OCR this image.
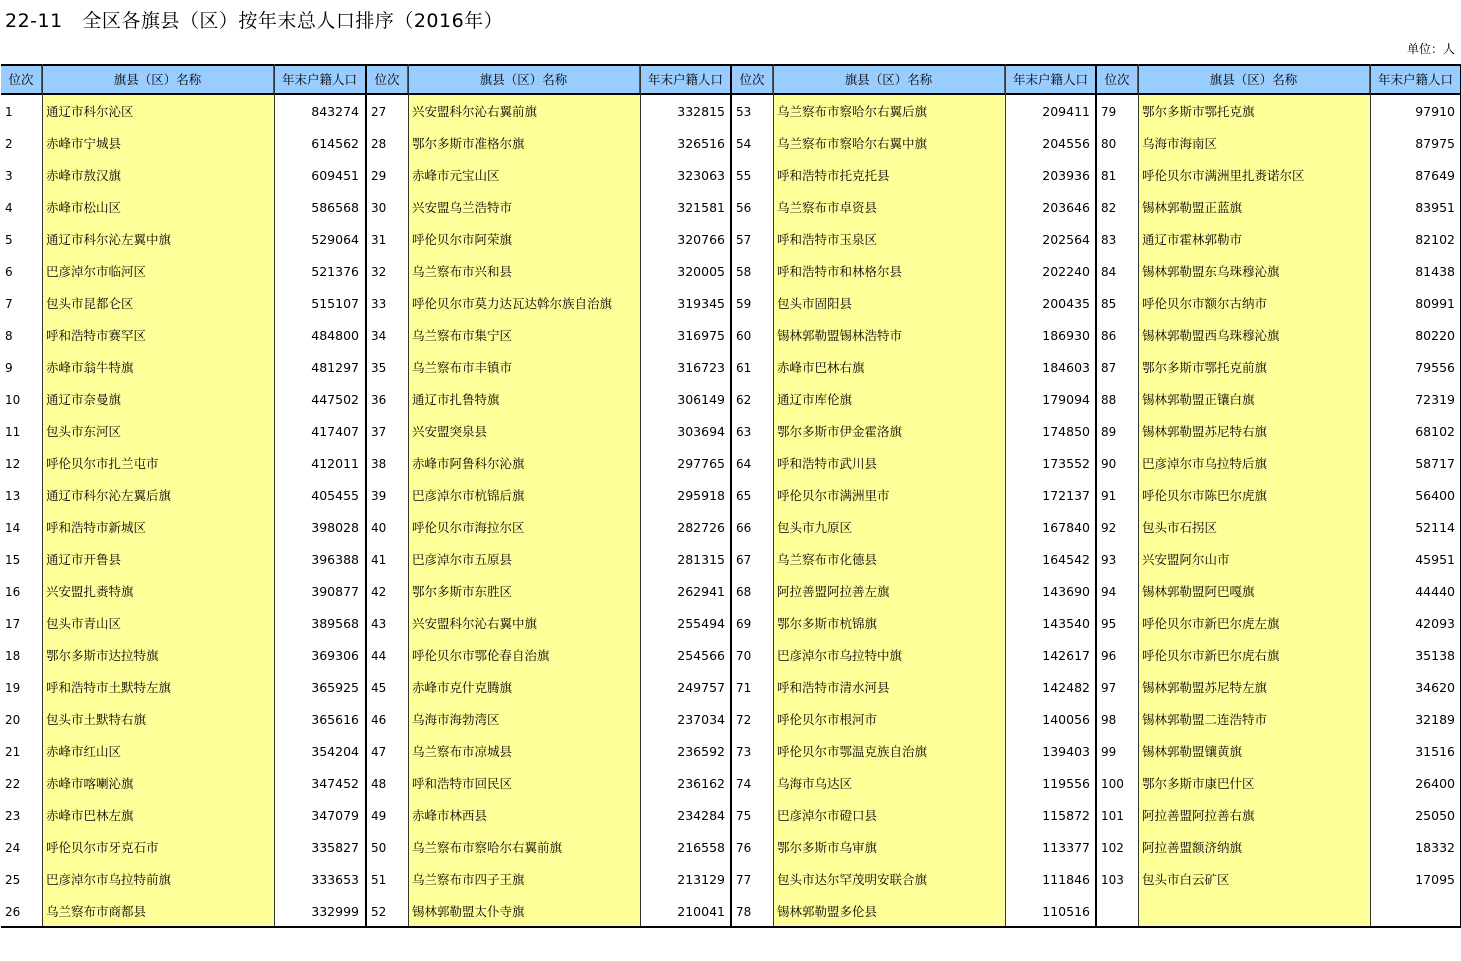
22-11   全区各旗县（区）按年末总人口排序（2016年）
单位：人
位次	旗县（区）名称	年末户籍人口
1	通辽市科尔沁区	843274
2	赤峰市宁城县	614562
3	赤峰市敖汉旗	609451
4	赤峰市松山区	586568
5	通辽市科尔沁左翼中旗	529064
6	巴彦淖尔市临河区	521376
7	包头市昆都仑区	515107
8	呼和浩特市赛罕区	484800
9	赤峰市翁牛特旗	481297
10	通辽市奈曼旗	447502
11	包头市东河区	417407
12	呼伦贝尔市扎兰屯市	412011
13	通辽市科尔沁左翼后旗	405455
14	呼和浩特市新城区	398028
15	通辽市开鲁县	396388
16	兴安盟扎赉特旗	390877
17	包头市青山区	389568
18	鄂尔多斯市达拉特旗	369306
19	呼和浩特市土默特左旗	365925
20	包头市土默特右旗	365616
21	赤峰市红山区	354204
22	赤峰市喀喇沁旗	347452
23	赤峰市巴林左旗	347079
24	呼伦贝尔市牙克石市	335827
25	巴彦淖尔市乌拉特前旗	333653
26	乌兰察布市商都县	332999
位次	旗县（区）名称	年末户籍人口
27	兴安盟科尔沁右翼前旗	332815
28	鄂尔多斯市准格尔旗	326516
29	赤峰市元宝山区	323063
30	兴安盟乌兰浩特市	321581
31	呼伦贝尔市阿荣旗	320766
32	乌兰察布市兴和县	320005
33	呼伦贝尔市莫力达瓦达斡尔族自治旗	319345
34	乌兰察布市集宁区	316975
35	乌兰察布市丰镇市	316723
36	通辽市扎鲁特旗	306149
37	兴安盟突泉县	303694
38	赤峰市阿鲁科尔沁旗	297765
39	巴彦淖尔市杭锦后旗	295918
40	呼伦贝尔市海拉尔区	282726
41	巴彦淖尔市五原县	281315
42	鄂尔多斯市东胜区	262941
43	兴安盟科尔沁右翼中旗	255494
44	呼伦贝尔市鄂伦春自治旗	254566
45	赤峰市克什克腾旗	249757
46	乌海市海勃湾区	237034
47	乌兰察布市凉城县	236592
48	呼和浩特市回民区	236162
49	赤峰市林西县	234284
50	乌兰察布市察哈尔右翼前旗	216558
51	乌兰察布市四子王旗	213129
52	锡林郭勒盟太仆寺旗	210041
位次	旗县（区）名称	年末户籍人口
53	乌兰察布市察哈尔右翼后旗	209411
54	乌兰察布市察哈尔右翼中旗	204556
55	呼和浩特市托克托县	203936
56	乌兰察布市卓资县	203646
57	呼和浩特市玉泉区	202564
58	呼和浩特市和林格尔县	202240
59	包头市固阳县	200435
60	锡林郭勒盟锡林浩特市	186930
61	赤峰市巴林右旗	184603
62	通辽市库伦旗	179094
63	鄂尔多斯市伊金霍洛旗	174850
64	呼和浩特市武川县	173552
65	呼伦贝尔市满洲里市	172137
66	包头市九原区	167840
67	乌兰察布市化德县	164542
68	阿拉善盟阿拉善左旗	143690
69	鄂尔多斯市杭锦旗	143540
70	巴彦淖尔市乌拉特中旗	142617
71	呼和浩特市清水河县	142482
72	呼伦贝尔市根河市	140056
73	呼伦贝尔市鄂温克族自治旗	139403
74	乌海市乌达区	119556
75	巴彦淖尔市磴口县	115872
76	鄂尔多斯市乌审旗	113377
77	包头市达尔罕茂明安联合旗	111846
78	锡林郭勒盟多伦县	110516
位次	旗县（区）名称	年末户籍人口
79	鄂尔多斯市鄂托克旗	97910
80	乌海市海南区	87975
81	呼伦贝尔市满洲里扎赉诺尔区	87649
82	锡林郭勒盟正蓝旗	83951
83	通辽市霍林郭勒市	82102
84	锡林郭勒盟东乌珠穆沁旗	81438
85	呼伦贝尔市额尔古纳市	80991
86	锡林郭勒盟西乌珠穆沁旗	80220
87	鄂尔多斯市鄂托克前旗	79556
88	锡林郭勒盟正镶白旗	72319
89	锡林郭勒盟苏尼特右旗	68102
90	巴彦淖尔市乌拉特后旗	58717
91	呼伦贝尔市陈巴尔虎旗	56400
92	包头市石拐区	52114
93	兴安盟阿尔山市	45951
94	锡林郭勒盟阿巴嘎旗	44440
95	呼伦贝尔市新巴尔虎左旗	42093
96	呼伦贝尔市新巴尔虎右旗	35138
97	锡林郭勒盟苏尼特左旗	34620
98	锡林郭勒盟二连浩特市	32189
99	锡林郭勒盟镶黄旗	31516
100	鄂尔多斯市康巴什区	26400
101	阿拉善盟阿拉善右旗	25050
102	阿拉善盟额济纳旗	18332
103	包头市白云矿区	17095
